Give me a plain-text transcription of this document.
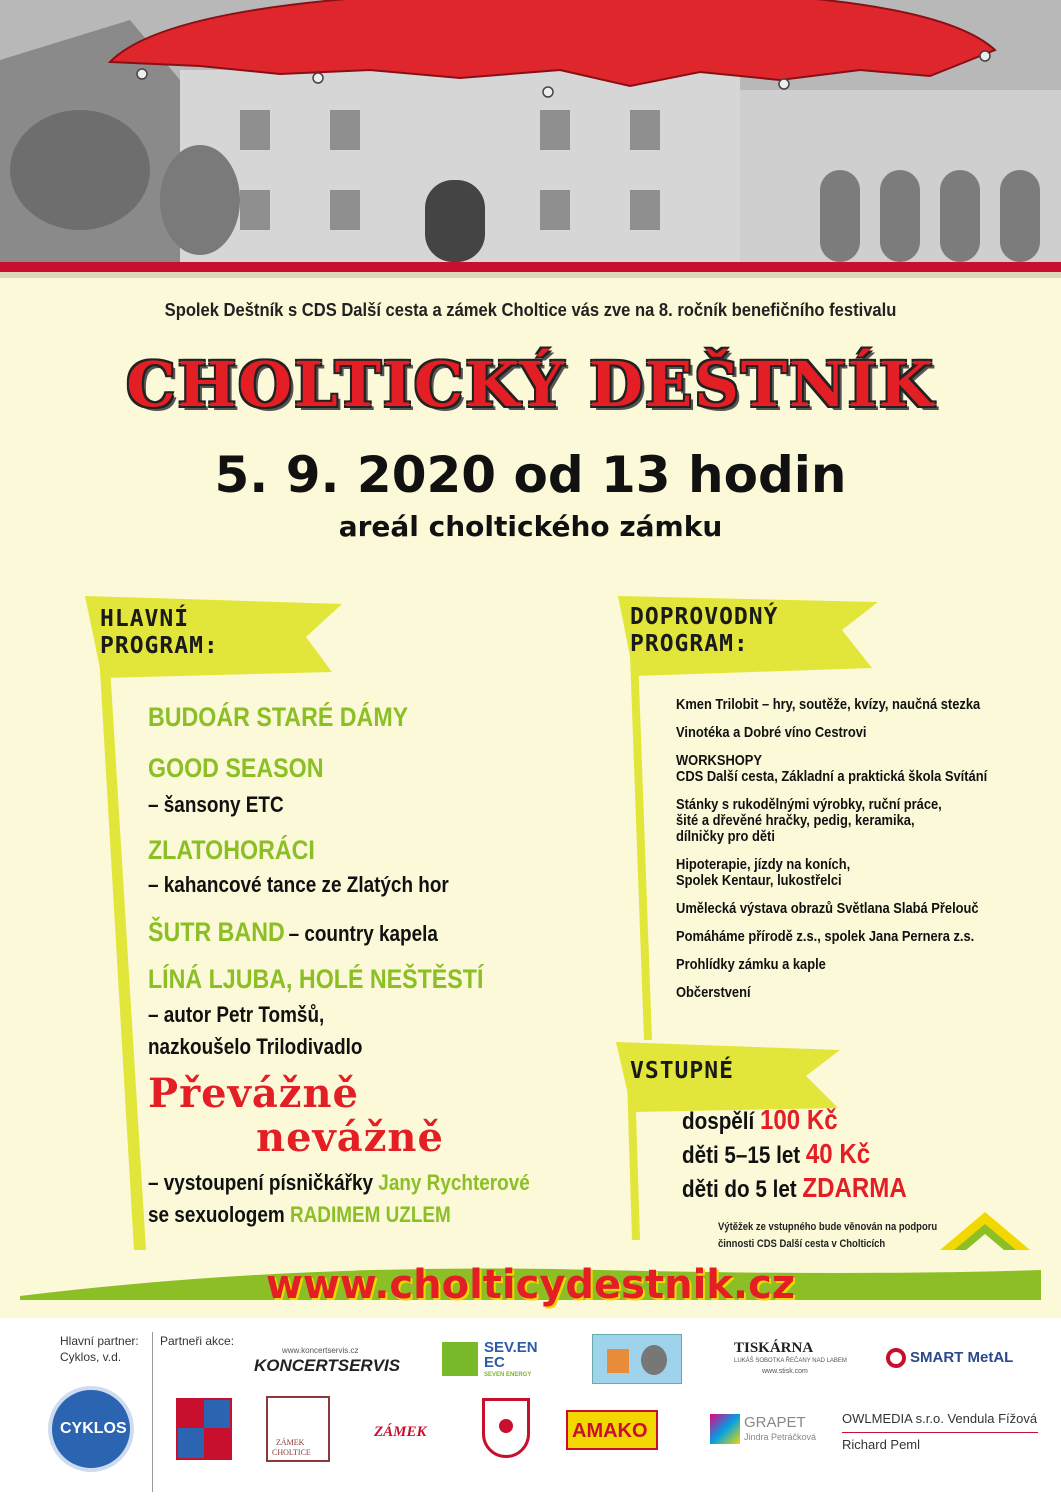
Spolek Deštník s CDS Další cesta a zámek Choltice vás zve na 8. ročník benefičního festivalu
CHOLTICKÝ DEŠTNÍK
5. 9. 2020 od 13 hodin
areál choltického zámku
HLAVNÍ
PROGRAM:
DOPROVODNÝ
PROGRAM:
VSTUPNÉ
BUDOÁR STARÉ DÁMY
GOOD SEASON
– šansony ETC
ZLATOHORÁCI
– kahancové tance ze Zlatých hor
ŠUTR BAND – country kapela
LÍNÁ LJUBA, HOLÉ NEŠTĚSTÍ
– autor Petr Tomšů,
nazkoušelo Trilodivadlo
Převážně
nevážně
– vystoupení písničkářky Jany Rychterové
se sexuologem RADIMEM UZLEM
Kmen Trilobit – hry, soutěže, kvízy, naučná stezka
Vinotéka a Dobré víno Cestrovi
WORKSHOPY
CDS Další cesta, Základní a praktická škola Svítání
Stánky s rukodělnými výrobky, ruční práce,
šité a dřevěné hračky, pedig, keramika,
dílničky pro děti
Hipoterapie, jízdy na koních,
Spolek Kentaur, lukostřelci
Umělecká výstava obrazů Světlana Slabá Přelouč
Pomáháme přírodě z.s., spolek Jana Pernera z.s.
Prohlídky zámku a kaple
Občerstvení
dospělí 100 Kč
děti 5–15 let 40 Kč
děti do 5 let ZDARMA
Výtěžek ze vstupného bude věnován na podporu
činnosti CDS Další cesta v Cholticích
www.cholticydestnik.cz
Hlavní partner:
Cyklos, v.d.
Partneři akce:
CYKLOS
www.koncertservis.cz
KONCERTSERVIS
SEV.EN
EC
SEVEN ENERGY
TISKÁRNA
LUKÁŠ SOBOTKA ŘEČANY NAD LABEM
www.stisk.com
SMART MetAL
ZÁMEK
CHOLTICE
ZÁMEK	AMAKO	GRAPET
Jindra Petráčková
OWLMEDIA s.r.o. Vendula Fížová
Richard Peml
